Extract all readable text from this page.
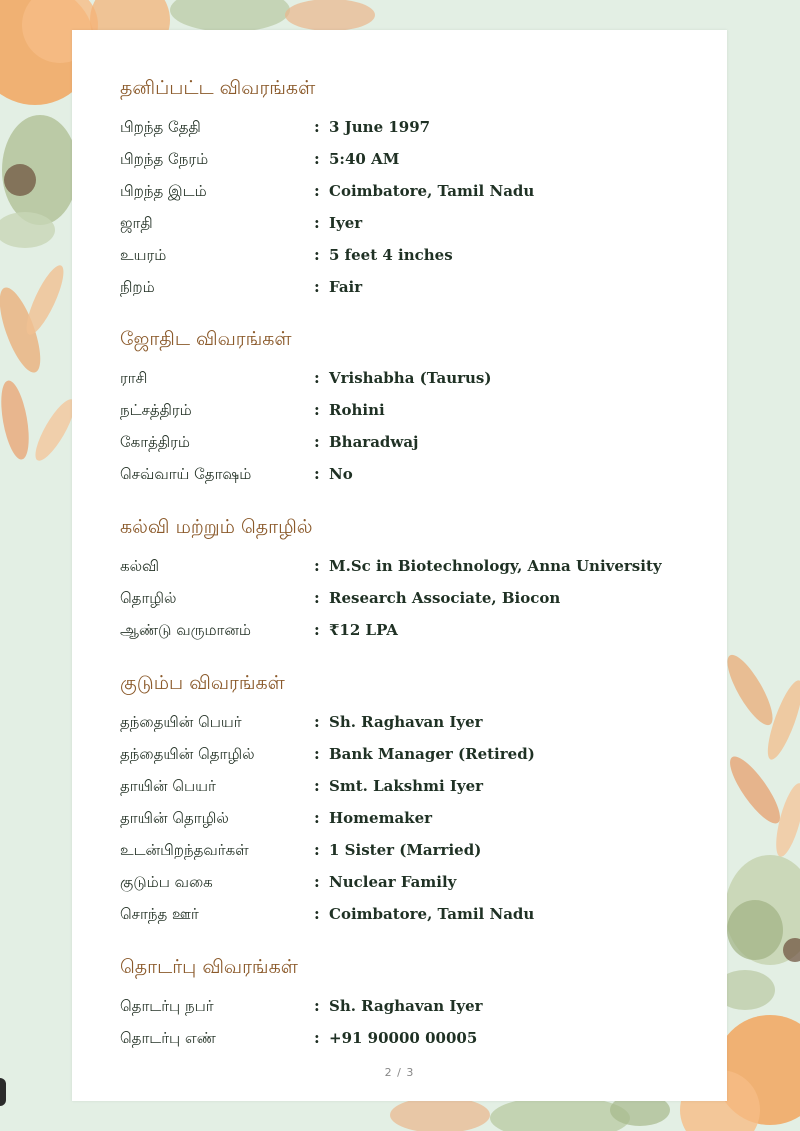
தனிப்பட்ட விவரங்கள்
பிறந்த தேதி	: 3 June 1997
பிறந்த நேரம்	: 5:40 AM
பிறந்த இடம்	: Coimbatore, Tamil Nadu
ஜாதி	: Iyer
உயரம்	: 5 feet 4 inches
நிறம்	: Fair
ஜோதிட விவரங்கள்
ராசி	: Vrishabha (Taurus)
நட்சத்திரம்	: Rohini
கோத்திரம்	: Bharadwaj
செவ்வாய் தோஷம்	: No
கல்வி மற்றும் தொழில்
கல்வி	: M.Sc in Biotechnology, Anna University
தொழில்	: Research Associate, Biocon
ஆண்டு வருமானம்	: ₹12 LPA
குடும்ப விவரங்கள்
தந்தையின் பெயர்	: Sh. Raghavan Iyer
தந்தையின் தொழில்	: Bank Manager (Retired)
தாயின் பெயர்	: Smt. Lakshmi Iyer
தாயின் தொழில்	: Homemaker
உடன்பிறந்தவர்கள்	: 1 Sister (Married)
குடும்ப வகை	: Nuclear Family
சொந்த ஊர்	: Coimbatore, Tamil Nadu
தொடர்பு விவரங்கள்
தொடர்பு நபர்	: Sh. Raghavan Iyer
தொடர்பு எண்	: +91 90000 00005
2 / 3
